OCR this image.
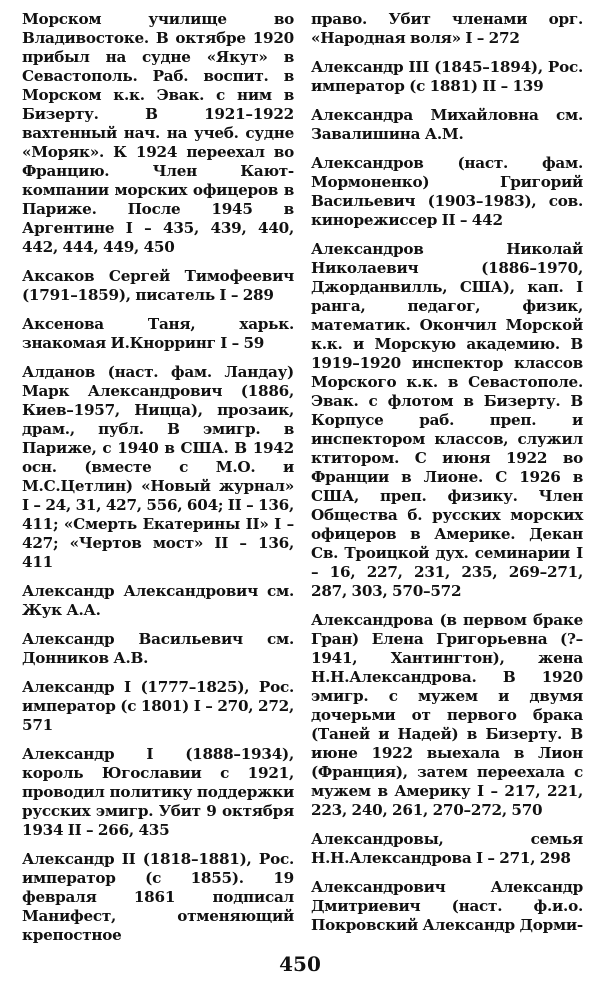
Морском училище во Владивостоке. В октябре 1920 прибыл на судне «Якут» в Севастополь. Раб. воспит. в Морском к.к. Эвак. с ним в Бизерту. В 1921–1922 вахтенный нач. на учеб. судне «Моряк». К 1924 переехал во Францию. Член Кают-компании морских офицеров в Париже. После 1945 в Аргентине I – 435, 439, 440, 442, 444, 449, 450

Аксаков Сергей Тимофеевич (1791–1859), писатель I – 289

Аксенова Таня, харьк. знакомая И.Кнорринг I – 59

Алданов (наст. фам. Ландау) Марк Александрович (1886, Киев–1957, Ницца), прозаик, драм., публ. В эмигр. в Париже, с 1940 в США. В 1942 осн. (вместе с М.О. и М.С.Цетлин) «Новый журнал» I – 24, 31, 427, 556, 604; II – 136, 411; «Смерть Екатерины II» I – 427; «Чертов мост» II – 136, 411

Александр Александрович см. Жук А.А.

Александр Васильевич см. Донников А.В.

Александр I (1777–1825), Рос. император (с 1801) I – 270, 272, 571

Александр I (1888–1934), король Югославии с 1921, проводил политику поддержки русских эмигр. Убит 9 октября 1934 II – 266, 435

Александр II (1818–1881), Рос. император (с 1855). 19 февраля 1861 подписал Манифест, отменяющий крепостное

право. Убит членами орг. «Народная воля» I – 272

Александр III (1845–1894), Рос. император (с 1881) II – 139

Александра Михайловна см. Завалишина А.М.

Александров (наст. фам. Мормоненко) Григорий Васильевич (1903–1983), сов. кинорежиссер II – 442

Александров Николай Николаевич (1886–1970, Джорданвилль, США), кап. I ранга, педагог, физик, математик. Окончил Морской к.к. и Морскую академию. В 1919–1920 инспектор классов Морского к.к. в Севастополе. Эвак. с флотом в Бизерту. В Корпусе раб. преп. и инспектором классов, служил ктитором. С июня 1922 во Франции в Лионе. С 1926 в США, преп. физику. Член Общества б. русских морских офицеров в Америке. Декан Св. Троицкой дух. семинарии I – 16, 227, 231, 235, 269–271, 287, 303, 570–572

Александрова (в первом браке Гран) Елена Григорьевна (?–1941, Хантингтон), жена Н.Н.Александрова. В 1920 эмигр. с мужем и двумя дочерьми от первого брака (Таней и Надей) в Бизерту. В июне 1922 выехала в Лион (Франция), затем переехала с мужем в Америку I – 217, 221, 223, 240, 261, 270–272, 570

Александровы, семья Н.Н.Александрова I – 271, 298

Александрович Александр Дмитриевич (наст. ф.и.о. Покровский Александр Дорми-

450
